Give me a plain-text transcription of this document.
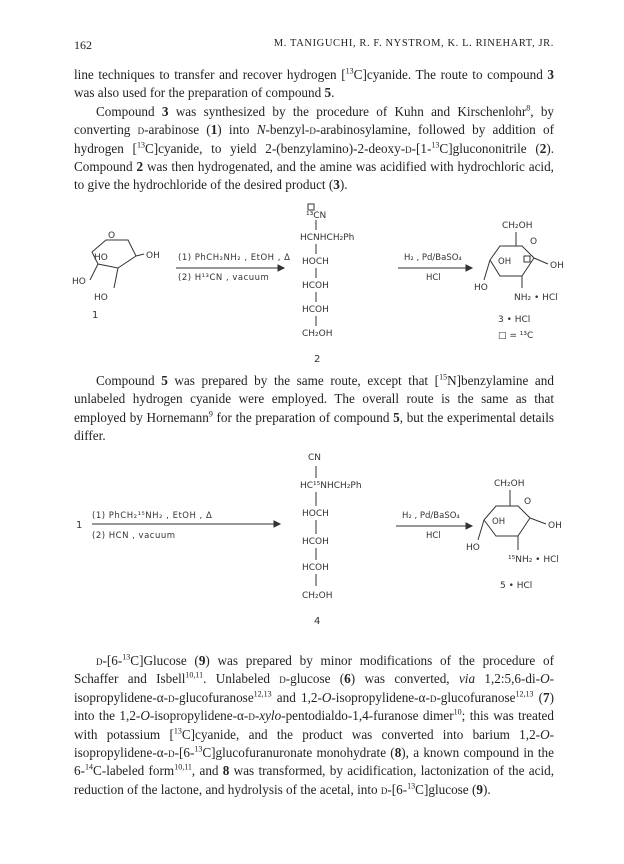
162	M. TANIGUCHI, R. F. NYSTROM, K. L. RINEHART, JR.

line techniques to transfer and recover hydrogen [$^{13}$C]cyanide. The route to compound 3 was also used for the preparation of compound 5.

Compound 3 was synthesized by the procedure of Kuhn and Kirschenlohr$^8$, by converting d-arabinose (1) into N-benzyl-d-arabinosylamine, followed by addition of hydrogen [$^{13}$C]cyanide, to yield 2-(benzylamino)-2-deoxy-d-[1-$^{13}$C]glucononitrile (2). Compound 2 was then hydrogenated, and the amine was acidified with hydrochloric acid, to give the hydrochloride of the desired product (3).

O
HO	OH
HO
HO
1
(1) PhCH₂NH₂ , EtOH , Δ
(2) H¹³CN , vacuum
¹³CN
HCNHCH₂Ph
HOCH
HCOH
HCOH
CH₂OH
2
H₂ , Pd/BaSO₄
HCl
CH₂OH
O
OH	OH
HO
NH₂ • HCl
3 • HCl
□ = ¹³C

Compound 5 was prepared by the same route, except that [$^{15}$N]benzylamine and unlabeled hydrogen cyanide were employed. The overall route is the same as that employed by Hornemann$^9$ for the preparation of compound 5, but the experimental details differ.

1
(1) PhCH₂¹⁵NH₂ , EtOH , Δ
(2) HCN , vacuum
CN
HC¹⁵NHCH₂Ph
HOCH
HCOH
HCOH
CH₂OH
4
H₂ , Pd/BaSO₄
HCl
CH₂OH
O
OH	OH
HO
¹⁵NH₂ • HCl
5 • HCl

d-[6-$^{13}$C]Glucose (9) was prepared by minor modifications of the procedure of Schaffer and Isbell$^{10,11}$. Unlabeled d-glucose (6) was converted, via 1,2:5,6-di-O-isopropylidene-α-d-glucofuranose$^{12,13}$ and 1,2-O-isopropylidene-α-d-glucofuranose$^{12,13}$ (7) into the 1,2-O-isopropylidene-α-d-xylo-pentodialdo-1,4-furanose dimer$^{10}$; this was treated with potassium [$^{13}$C]cyanide, and the product was converted into barium 1,2-O-isopropylidene-α-d-[6-$^{13}$C]glucofuranuronate monohydrate (8), a known compound in the 6-$^{14}$C-labeled form$^{10,11}$, and 8 was transformed, by acidification, lactonization of the acid, reduction of the lactone, and hydrolysis of the acetal, into d-[6-$^{13}$C]glucose (9).
